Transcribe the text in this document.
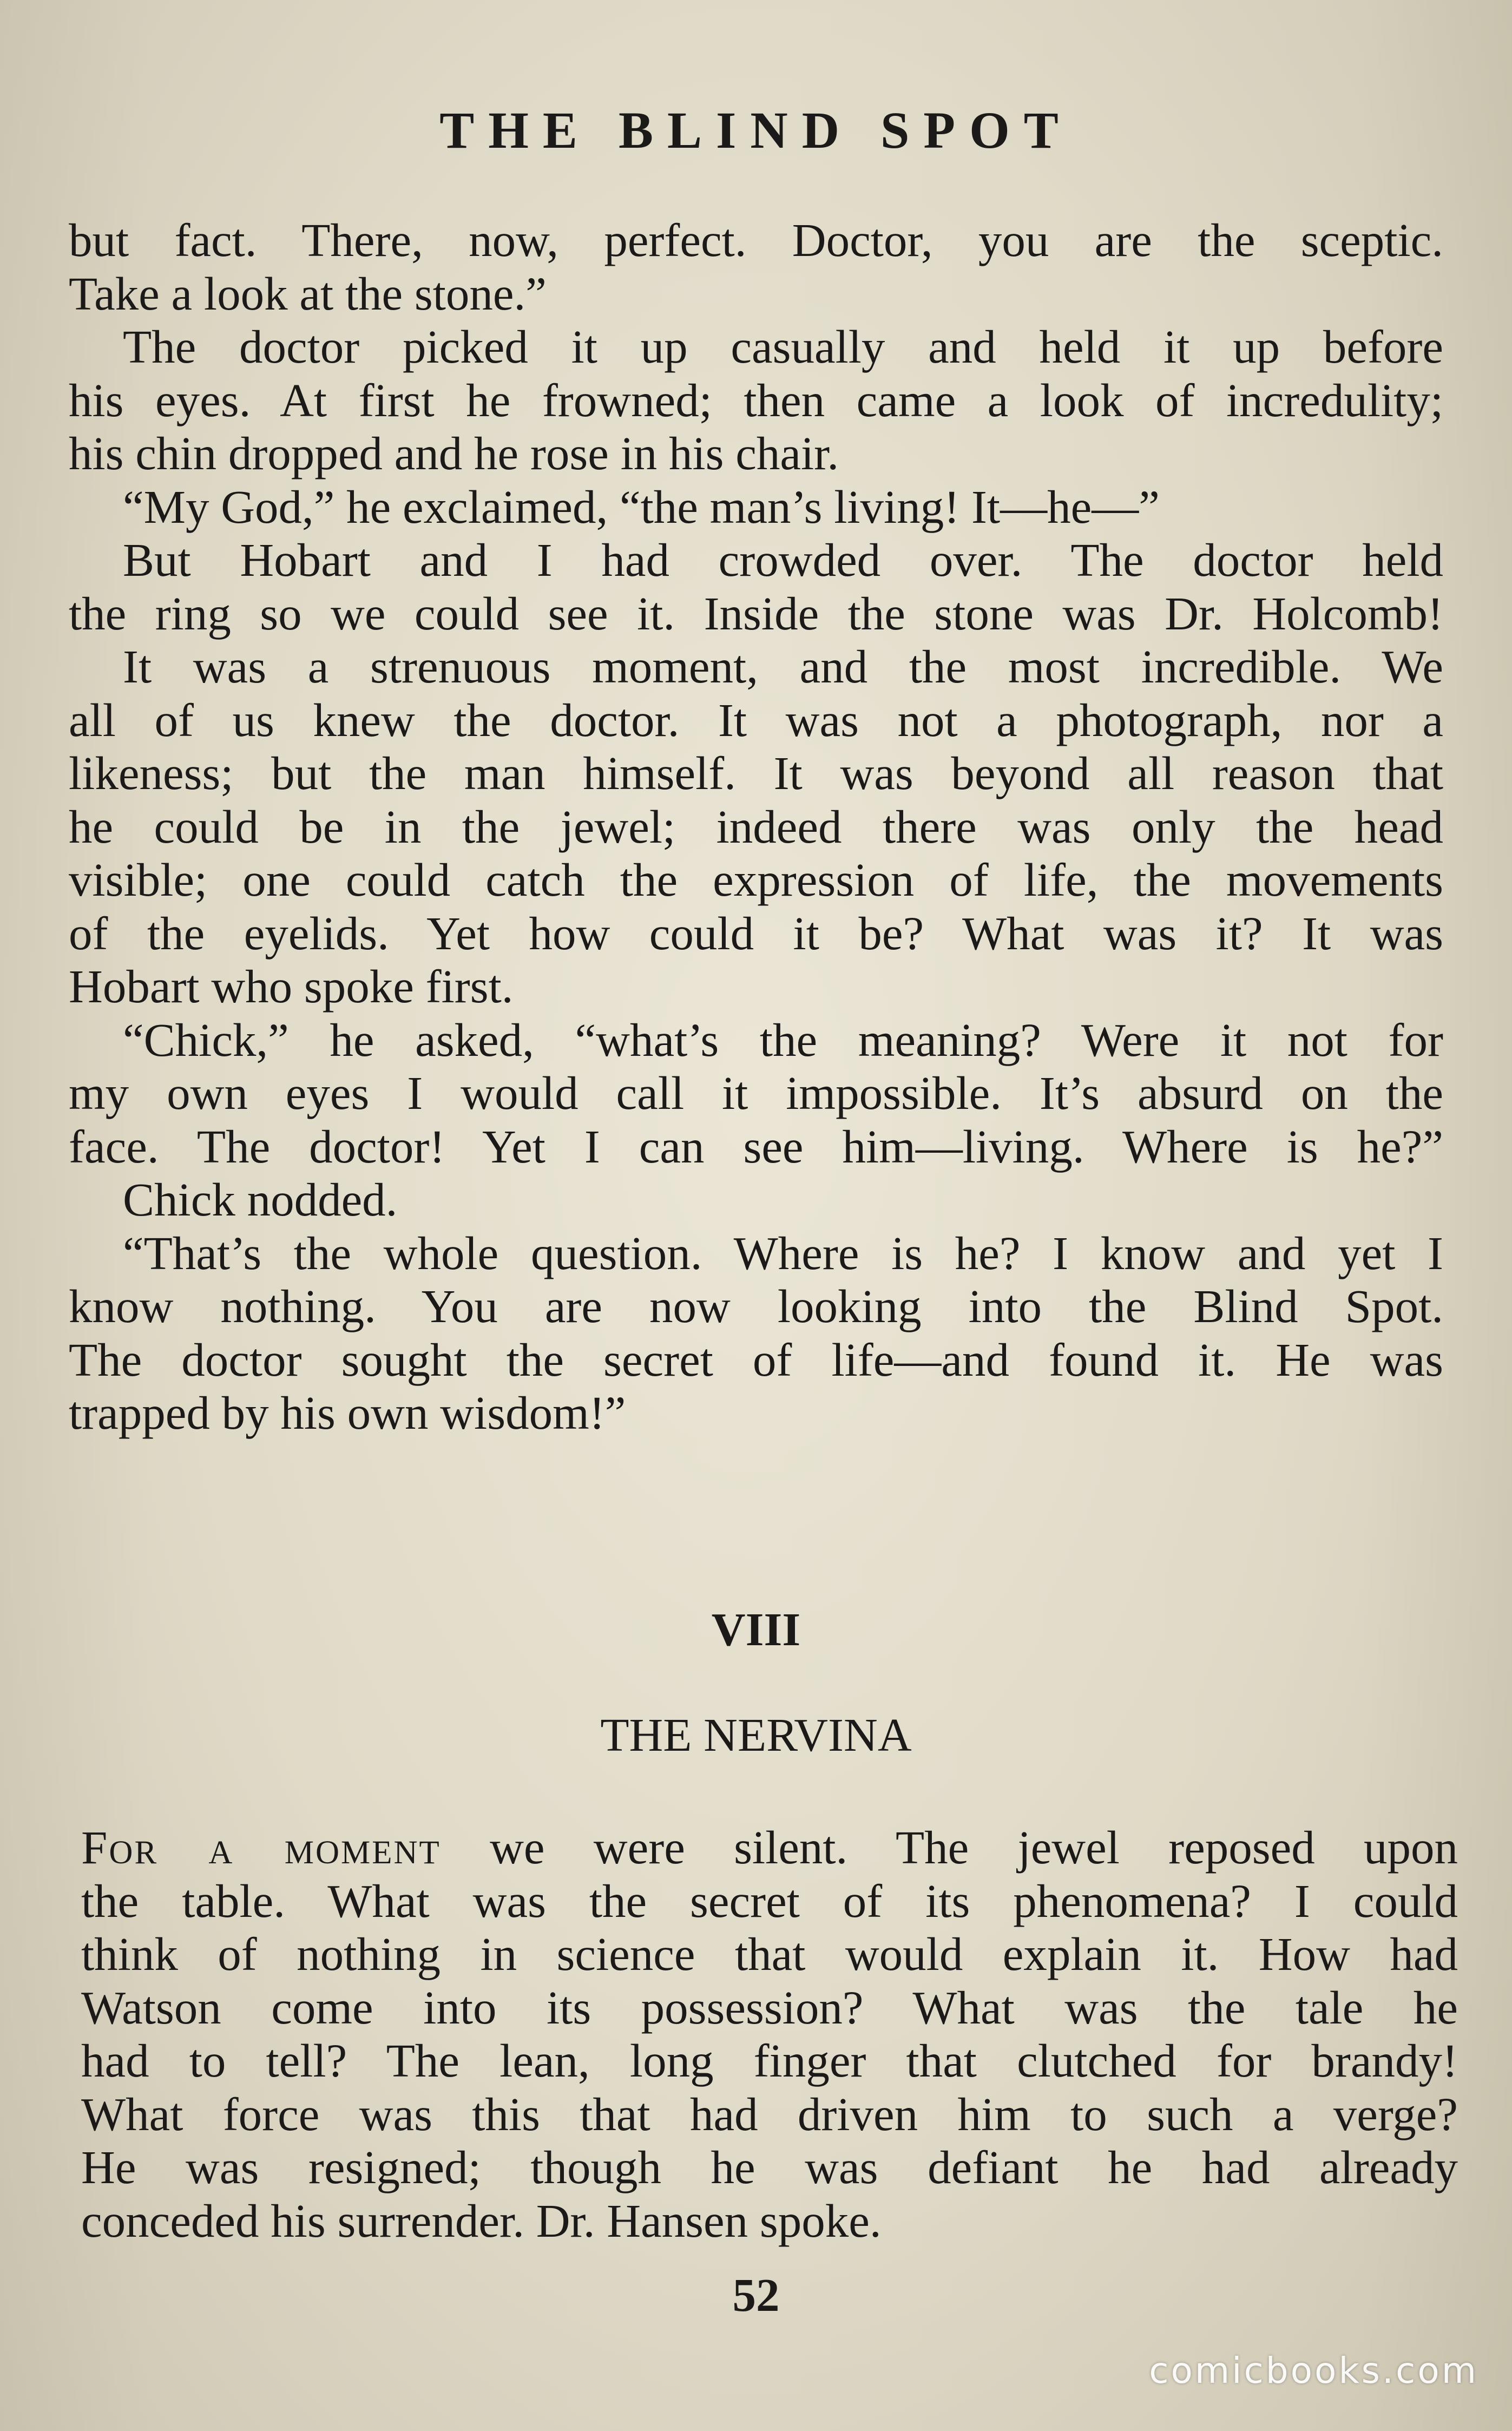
THE BLIND SPOT
but fact. There, now, perfect. Doctor, you are the sceptic.
Take a look at the stone.”
The doctor picked it up casually and held it up before
his eyes. At first he frowned; then came a look of incredulity;
his chin dropped and he rose in his chair.
“My God,” he exclaimed, “the man’s living! It—he—”
But Hobart and I had crowded over. The doctor held
the ring so we could see it. Inside the stone was Dr. Holcomb!
It was a strenuous moment, and the most incredible. We
all of us knew the doctor. It was not a photograph, nor a
likeness; but the man himself. It was beyond all reason that
he could be in the jewel; indeed there was only the head
visible; one could catch the expression of life, the movements
of the eyelids. Yet how could it be? What was it? It was
Hobart who spoke first.
“Chick,” he asked, “what’s the meaning? Were it not for
my own eyes I would call it impossible. It’s absurd on the
face. The doctor! Yet I can see him—living. Where is he?”
Chick nodded.
“That’s the whole question. Where is he? I know and yet I
know nothing. You are now looking into the Blind Spot.
The doctor sought the secret of life—and found it. He was
trapped by his own wisdom!”
VIII
THE NERVINA
For a moment we were silent. The jewel reposed upon
the table. What was the secret of its phenomena? I could
think of nothing in science that would explain it. How had
Watson come into its possession? What was the tale he
had to tell? The lean, long finger that clutched for brandy!
What force was this that had driven him to such a verge?
He was resigned; though he was defiant he had already
conceded his surrender. Dr. Hansen spoke.
52
comicbooks.com
